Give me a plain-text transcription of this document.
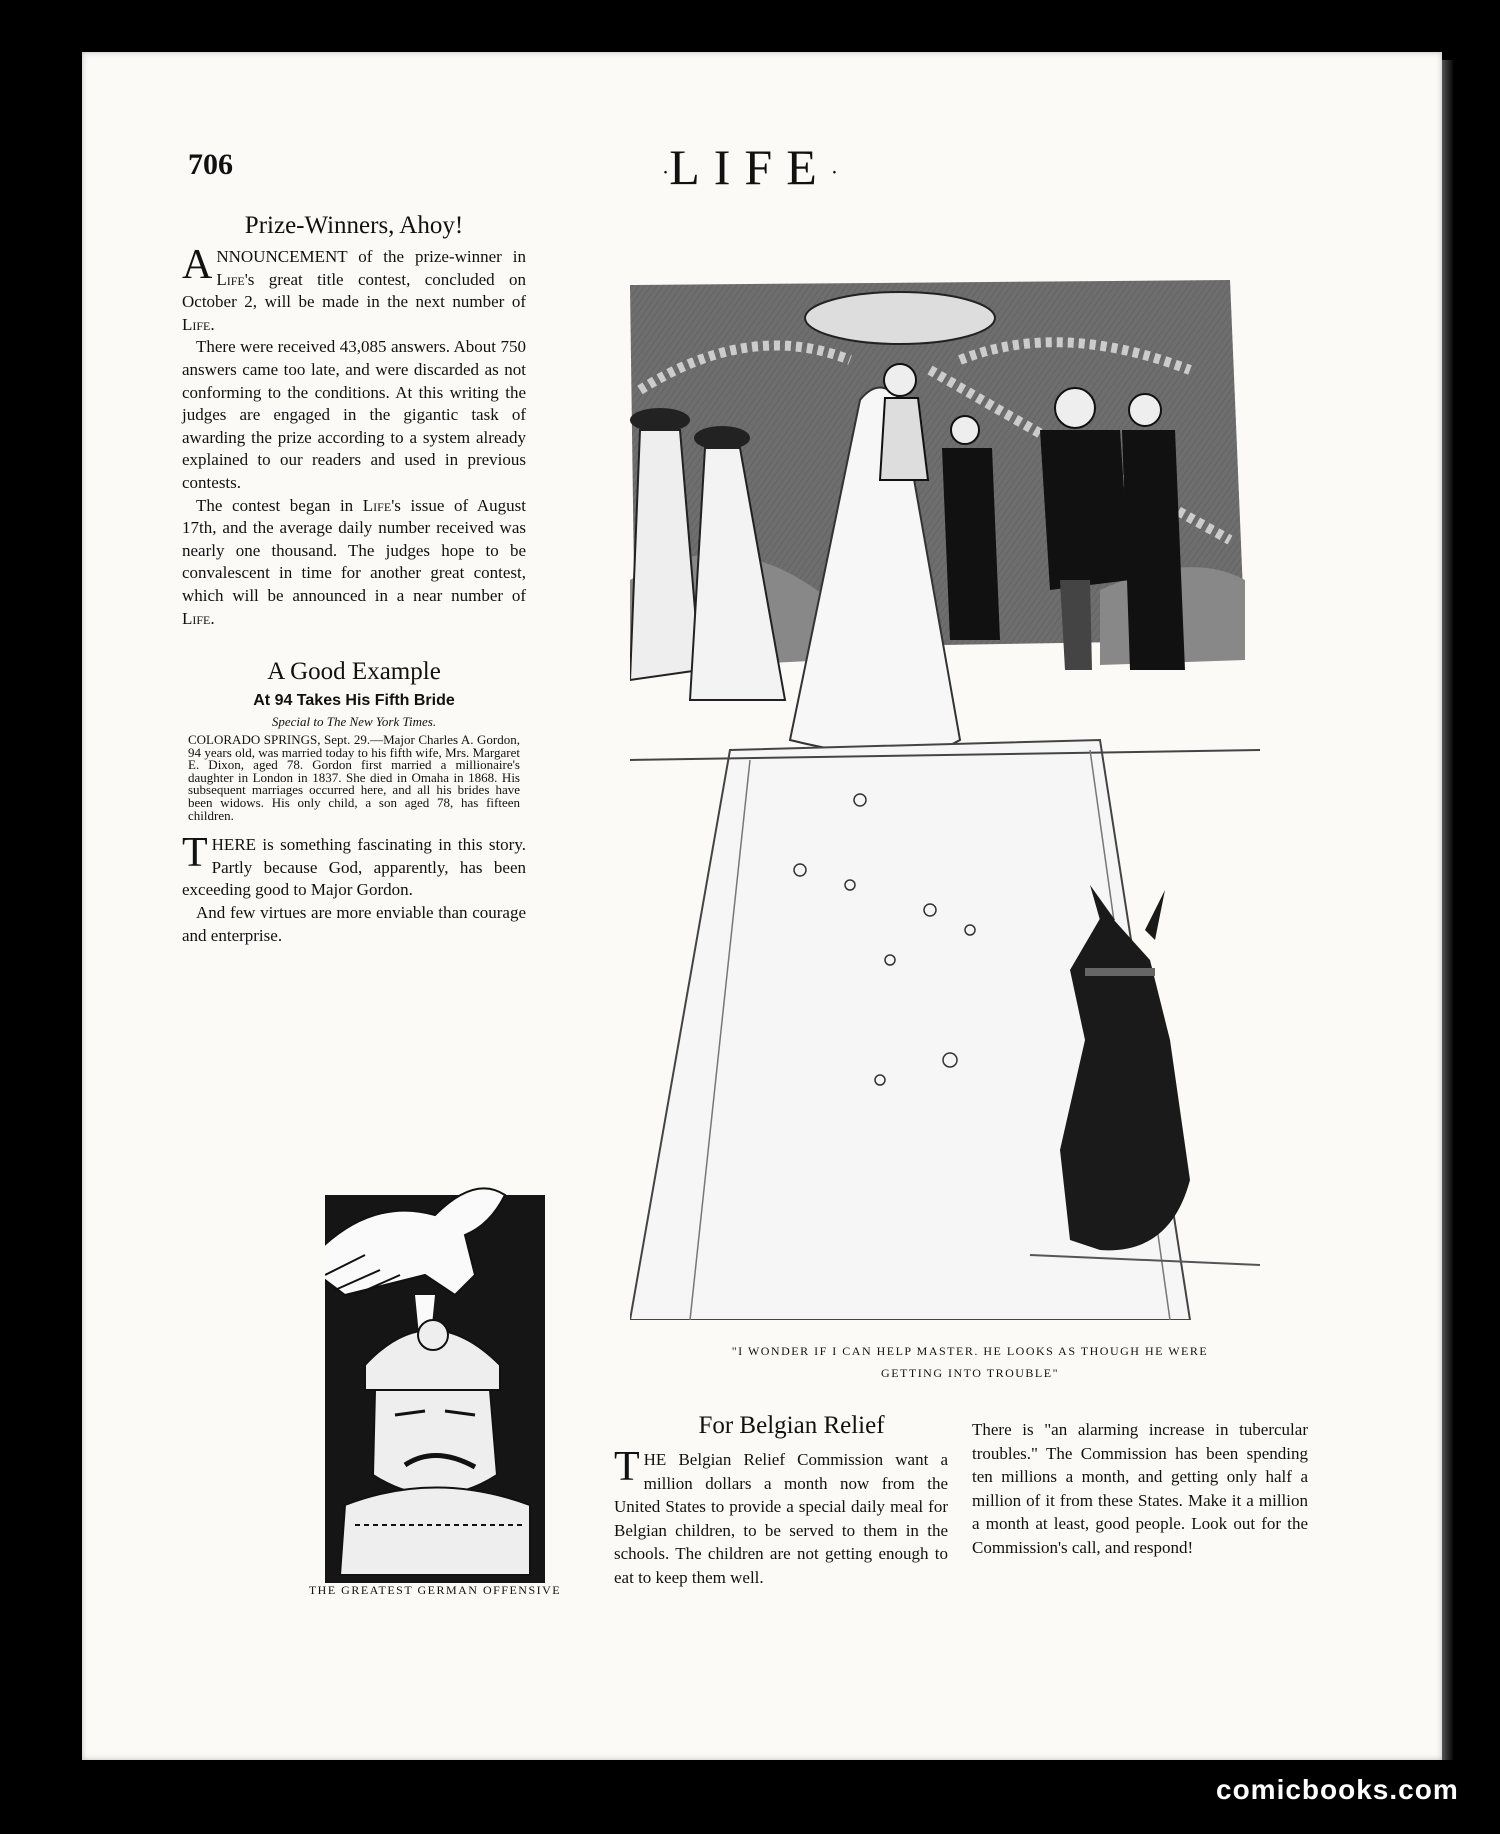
706	·LIFE·
Prize-Winners, Ahoy!

ANNOUNCEMENT of the prize-winner in Life's great title contest, concluded on October 2, will be made in the next number of Life.

There were received 43,085 answers. About 750 answers came too late, and were discarded as not conforming to the conditions. At this writing the judges are engaged in the gigantic task of awarding the prize according to a system already explained to our readers and used in previous contests.

The contest began in Life's issue of August 17th, and the average daily number received was nearly one thousand. The judges hope to be convalescent in time for another great contest, which will be announced in a near number of Life.

A Good Example
At 94 Takes His Fifth Bride
Special to The New York Times.

COLORADO SPRINGS, Sept. 29.—Major Charles A. Gordon, 94 years old, was married today to his fifth wife, Mrs. Margaret E. Dixon, aged 78. Gordon first married a millionaire's daughter in London in 1837. She died in Omaha in 1868. His subsequent marriages occurred here, and all his brides have been widows. His only child, a son aged 78, has fifteen children.

THERE is something fascinating in this story. Partly because God, apparently, has been exceeding good to Major Gordon.

And few virtues are more enviable than courage and enterprise.

"I WONDER IF I CAN HELP MASTER. HE LOOKS AS THOUGH HE WERE
GETTING INTO TROUBLE"
THE GREATEST GERMAN OFFENSIVE
For Belgian Relief

THE Belgian Relief Commission want a million dollars a month now from the United States to provide a special daily meal for Belgian children, to be served to them in the schools. The children are not getting enough to eat to keep them well.

There is "an alarming increase in tubercular troubles." The Commission has been spending ten millions a month, and getting only half a million of it from these States. Make it a million a month at least, good people. Look out for the Commission's call, and respond!

comicbooks.com
